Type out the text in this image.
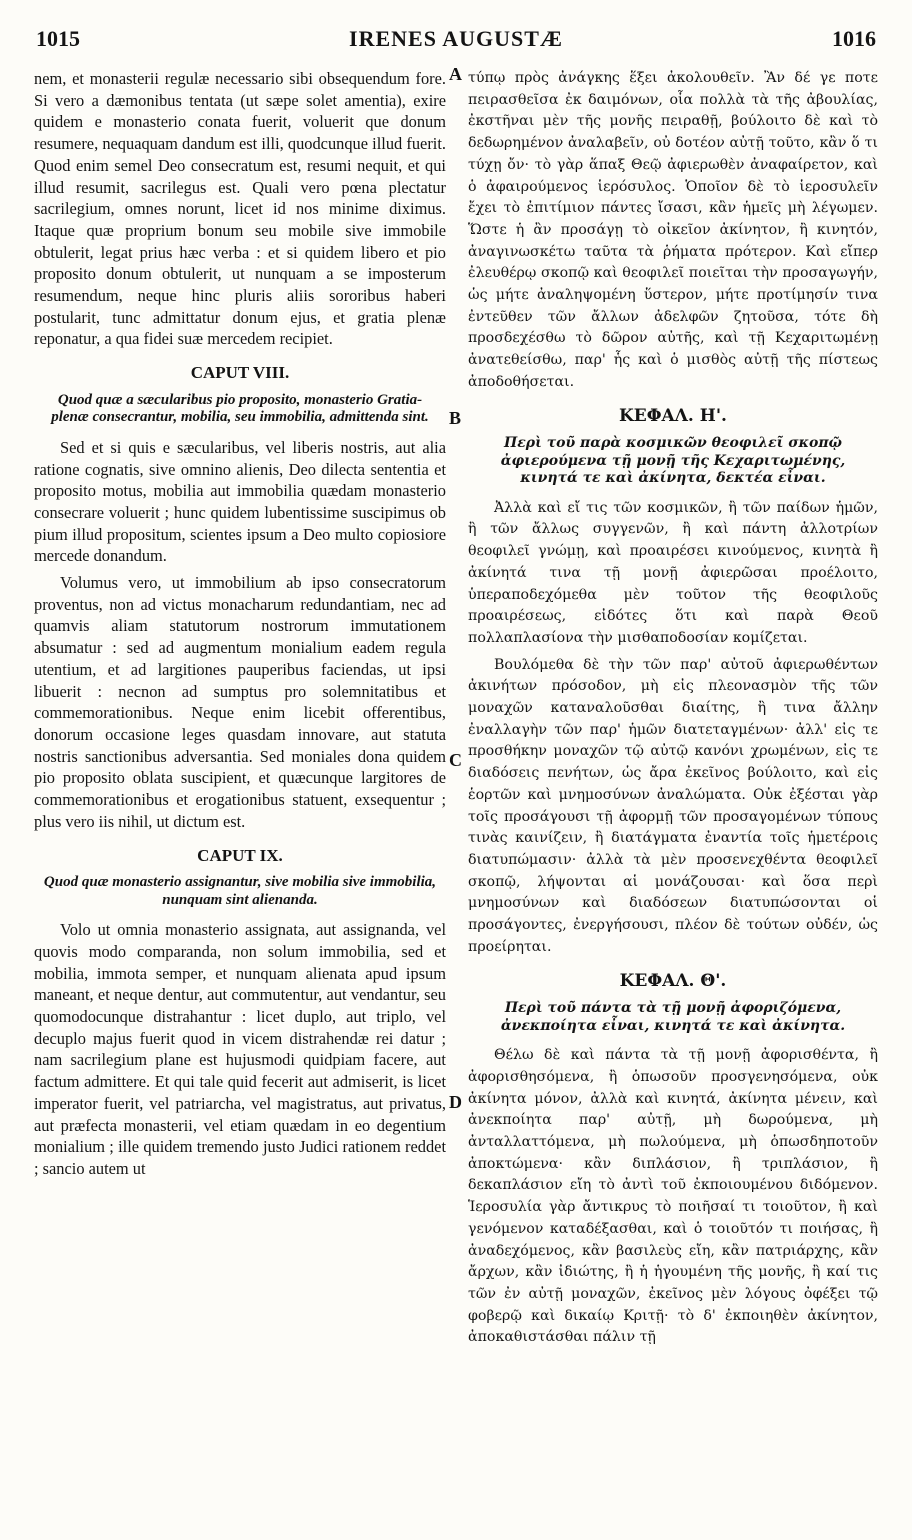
1015	IRENES AUGUSTÆ	1016
A
B
C
D

nem, et monasterii regulæ necessario sibi obsequendum fore. Si vero a dæmonibus tentata (ut sæpe solet amentia), exire quidem e monasterio conata fuerit, voluerit que donum resumere, nequaquam dandum est illi, quodcunque illud fuerit. Quod enim semel Deo consecratum est, resumi nequit, et qui illud resumit, sacrilegus est. Quali vero pœna plectatur sacrilegium, omnes norunt, licet id nos minime diximus. Itaque quæ proprium bonum seu mobile sive immobile obtulerit, legat prius hæc verba : et si quidem libero et pio proposito donum obtulerit, ut nunquam a se imposterum resumendum, neque hinc pluris aliis sororibus haberi postularit, tunc admittatur donum ejus, et gratia plenæ reponatur, a qua fidei suæ mercedem recipiet.

CAPUT VIII.
Quod quæ a sæcularibus pio proposito, monasterio Gratia-plenæ consecrantur, mobilia, seu immobilia, admittenda sint.

Sed et si quis e sæcularibus, vel liberis nostris, aut alia ratione cognatis, sive omnino alienis, Deo dilecta sententia et proposito motus, mobilia aut immobilia quædam monasterio consecrare voluerit ; hunc quidem lubentissime suscipimus ob pium illud propositum, scientes ipsum a Deo multo copiosiore mercede donandum.

Volumus vero, ut immobilium ab ipso consecratorum proventus, non ad victus monacharum redundantiam, nec ad quamvis aliam statutorum nostrorum immutationem absumatur : sed ad augmentum monialium eadem regula utentium, et ad largitiones pauperibus faciendas, ut ipsi libuerit : necnon ad sumptus pro solemnitatibus et commemorationibus. Neque enim licebit offerentibus, donorum occasione leges quasdam innovare, aut statuta nostris sanctionibus adversantia. Sed moniales dona quidem pio proposito oblata suscipient, et quæcunque largitores de commemorationibus et erogationibus statuent, exsequentur ; plus vero iis nihil, ut dictum est.

CAPUT IX.
Quod quæ monasterio assignantur, sive mobilia sive immobilia, nunquam sint alienanda.

Volo ut omnia monasterio assignata, aut assignanda, vel quovis modo comparanda, non solum immobilia, sed et mobilia, immota semper, et nunquam alienata apud ipsum maneant, et neque dentur, aut commutentur, aut vendantur, seu quomodocunque distrahantur : licet duplo, aut triplo, vel decuplo majus fuerit quod in vicem distrahendæ rei datur ; nam sacrilegium plane est hujusmodi quidpiam facere, aut factum admittere. Et qui tale quid fecerit aut admiserit, is licet imperator fuerit, vel patriarcha, vel magistratus, aut privatus, aut præfecta monasterii, vel etiam quædam in eo degentium monialium ; ille quidem tremendo justo Judici rationem reddet ; sancio autem ut

τύπῳ πρὸς ἀνάγκης ἕξει ἀκολουθεῖν. Ἂν δέ γε ποτε πειρασθεῖσα ἐκ δαιμόνων, οἷα πολλὰ τὰ τῆς ἀβουλίας, ἐκστῆναι μὲν τῆς μονῆς πειραθῇ, βούλοιτο δὲ καὶ τὸ δεδωρημένον ἀναλαβεῖν, οὐ δοτέον αὐτῇ τοῦτο, κἂν ὅ τι τύχῃ ὄν· τὸ γὰρ ἅπαξ Θεῷ ἀφιερωθὲν ἀναφαίρετον, καὶ ὁ ἀφαιρούμενος ἱερόσυλος. Ὁποῖον δὲ τὸ ἱεροσυλεῖν ἔχει τὸ ἐπιτίμιον πάντες ἴσασι, κἂν ἡμεῖς μὴ λέγωμεν. Ὥστε ἡ ἂν προσάγῃ τὸ οἰκεῖον ἀκίνητον, ἢ κινητόν, ἀναγινωσκέτω ταῦτα τὰ ῥήματα πρότερον. Καὶ εἴπερ ἐλευθέρῳ σκοπῷ καὶ θεοφιλεῖ ποιεῖται τὴν προσαγωγήν, ὡς μήτε ἀναληψομένη ὕστερον, μήτε προτίμησίν τινα ἐντεῦθεν τῶν ἄλλων ἀδελφῶν ζητοῦσα, τότε δὴ προσδεχέσθω τὸ δῶρον αὐτῆς, καὶ τῇ Κεχαριτωμένῃ ἀνατεθείσθω, παρ' ἧς καὶ ὁ μισθὸς αὐτῇ τῆς πίστεως ἀποδοθήσεται.

ΚΕΦΑΛ. Η'.
Περὶ τοῦ παρὰ κοσμικῶν θεοφιλεῖ σκοπῷ ἀφιερούμενα τῇ μονῇ τῆς Κεχαριτωμένης, κινητά τε καὶ ἀκίνητα, δεκτέα εἶναι.

Ἀλλὰ καὶ εἴ τις τῶν κοσμικῶν, ἢ τῶν παίδων ἡμῶν, ἢ τῶν ἄλλως συγγενῶν, ἢ καὶ πάντη ἀλλοτρίων θεοφιλεῖ γνώμῃ, καὶ προαιρέσει κινούμενος, κινητὰ ἢ ἀκίνητά τινα τῇ μονῇ ἀφιερῶσαι προέλοιτο, ὑπεραποδεχόμεθα μὲν τοῦτον τῆς θεοφιλοῦς προαιρέσεως, εἰδότες ὅτι καὶ παρὰ Θεοῦ πολλαπλασίονα τὴν μισθαποδοσίαν κομίζεται.

Βουλόμεθα δὲ τὴν τῶν παρ' αὐτοῦ ἀφιερωθέντων ἀκινήτων πρόσοδον, μὴ εἰς πλεονασμὸν τῆς τῶν μοναχῶν καταναλοῦσθαι διαίτης, ἢ τινα ἄλλην ἐναλλαγὴν τῶν παρ' ἡμῶν διατεταγμένων· ἀλλ' εἰς τε προσθήκην μοναχῶν τῷ αὐτῷ κανόνι χρωμένων, εἰς τε διαδόσεις πενήτων, ὡς ἄρα ἐκεῖνος βούλοιτο, καὶ εἰς ἑορτῶν καὶ μνημοσύνων ἀναλώματα. Οὐκ ἐξέσται γὰρ τοῖς προσάγουσι τῇ ἀφορμῇ τῶν προσαγομένων τύπους τινὰς καινίζειν, ἢ διατάγματα ἐναντία τοῖς ἡμετέροις διατυπώμασιν· ἀλλὰ τὰ μὲν προσενεχθέντα θεοφιλεῖ σκοπῷ, λήψονται αἱ μονάζουσαι· καὶ ὅσα περὶ μνημοσύνων καὶ διαδόσεων διατυπώσονται οἱ προσάγοντες, ἐνεργήσουσι, πλέον δὲ τούτων οὐδέν, ὡς προείρηται.

ΚΕΦΑΛ. Θ'.
Περὶ τοῦ πάντα τὰ τῇ μονῇ ἀφοριζόμενα, ἀνεκποίητα εἶναι, κινητά τε καὶ ἀκίνητα.

Θέλω δὲ καὶ πάντα τὰ τῇ μονῇ ἀφορισθέντα, ἢ ἀφορισθησόμενα, ἢ ὁπωσοῦν προσγενησόμενα, οὐκ ἀκίνητα μόνον, ἀλλὰ καὶ κινητά, ἀκίνητα μένειν, καὶ ἀνεκποίητα παρ' αὐτῇ, μὴ δωρούμενα, μὴ ἀνταλλαττόμενα, μὴ πωλούμενα, μὴ ὁπωσδηποτοῦν ἀποκτώμενα· κἂν διπλάσιον, ἢ τριπλάσιον, ἢ δεκαπλάσιον εἴη τὸ ἀντὶ τοῦ ἐκποιουμένου διδόμενον. Ἱεροσυλία γὰρ ἄντικρυς τὸ ποιῆσαί τι τοιοῦτον, ἢ καὶ γενόμενον καταδέξασθαι, καὶ ὁ τοιοῦτόν τι ποιήσας, ἢ ἀναδεχόμενος, κἂν βασιλεὺς εἴη, κἂν πατριάρχης, κἂν ἄρχων, κἂν ἰδιώτης, ἢ ἡ ἡγουμένη τῆς μονῆς, ἢ καί τις τῶν ἐν αὐτῇ μοναχῶν, ἐκεῖνος μὲν λόγους ὀφέξει τῷ φοβερῷ καὶ δικαίῳ Κριτῇ· τὸ δ' ἐκποιηθὲν ἀκίνητον, ἀποκαθιστάσθαι πάλιν τῇ
